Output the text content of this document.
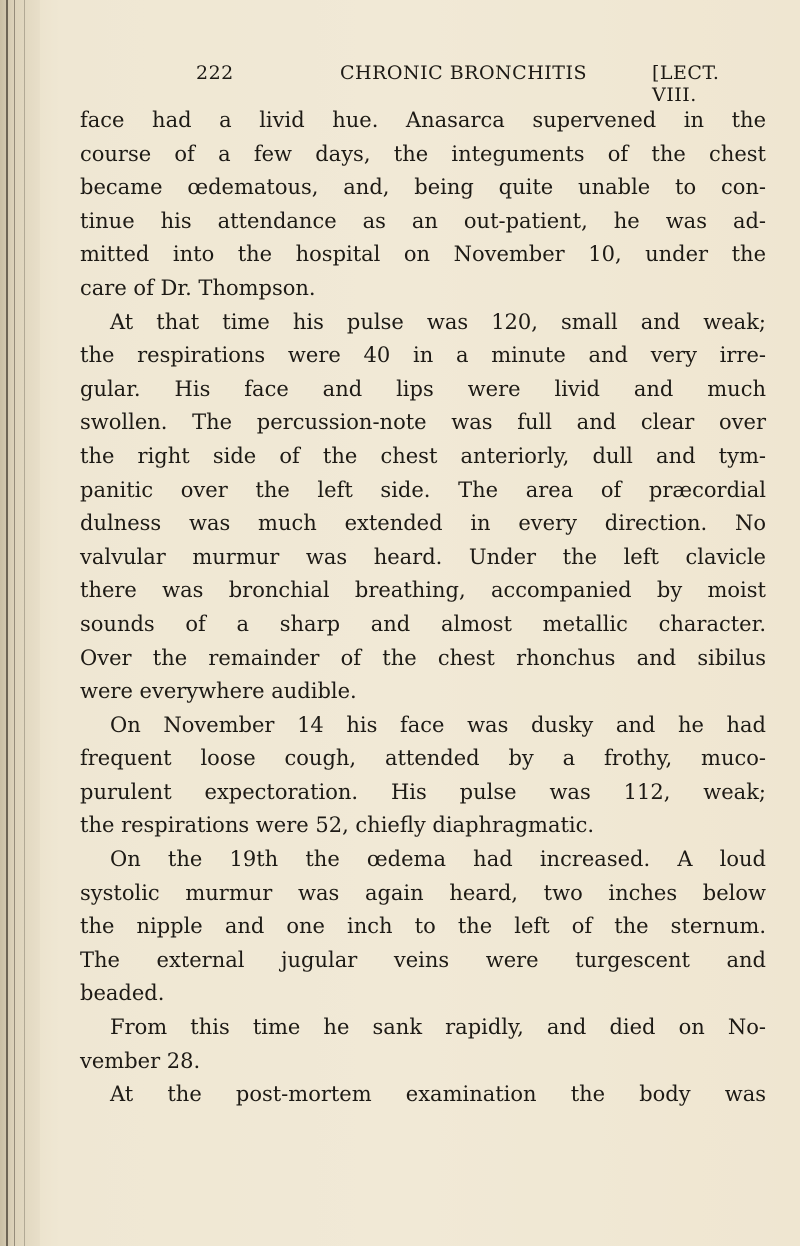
222	CHRONIC BRONCHITIS	[LECT. VIII.
face had a livid hue. Anasarca supervened in the
course of a few days, the integuments of the chest
became œdematous, and, being quite unable to con-
tinue his attendance as an out-patient, he was ad-
mitted into the hospital on November 10, under the
care of Dr. Thompson.
At that time his pulse was 120, small and weak;
the respirations were 40 in a minute and very irre-
gular. His face and lips were livid and much
swollen. The percussion-note was full and clear over
the right side of the chest anteriorly, dull and tym-
panitic over the left side. The area of præcordial
dulness was much extended in every direction. No
valvular murmur was heard. Under the left clavicle
there was bronchial breathing, accompanied by moist
sounds of a sharp and almost metallic character.
Over the remainder of the chest rhonchus and sibilus
were everywhere audible.
On November 14 his face was dusky and he had
frequent loose cough, attended by a frothy, muco-
purulent expectoration. His pulse was 112, weak;
the respirations were 52, chiefly diaphragmatic.
On the 19th the œdema had increased. A loud
systolic murmur was again heard, two inches below
the nipple and one inch to the left of the sternum.
The external jugular veins were turgescent and
beaded.
From this time he sank rapidly, and died on No-
vember 28.
At the post-mortem examination the body was
